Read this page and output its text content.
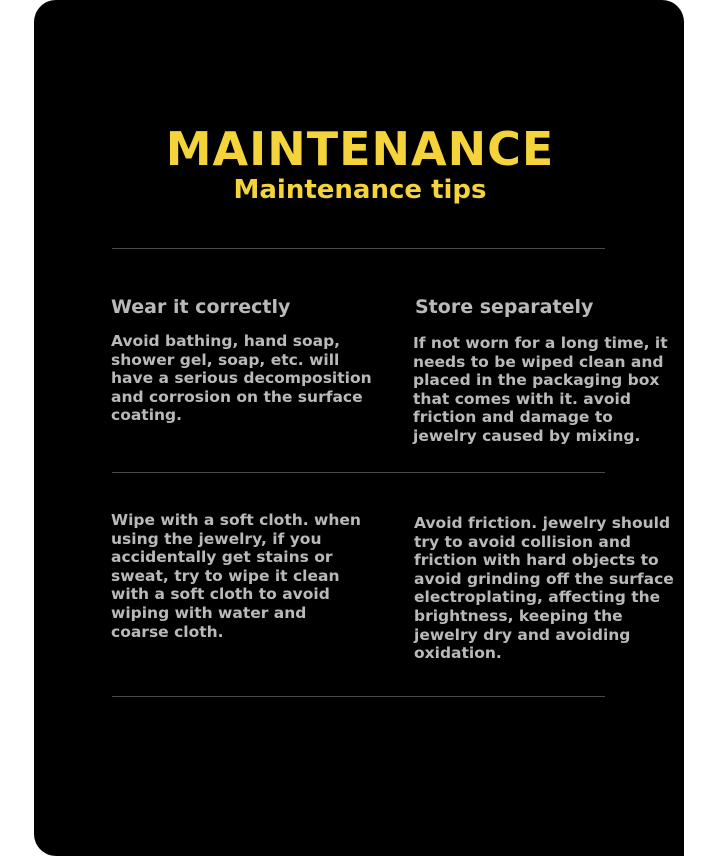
MAINTENANCE
Maintenance tips
Wear it correctly

Avoid bathing, hand soap, shower gel, soap, etc. will have a serious decomposition and corrosion on the surface coating.

Store separately

If not worn for a long time, it needs to be wiped clean and placed in the packaging box that comes with it. avoid friction and damage to jewelry caused by mixing.

Wipe with a soft cloth. when using the jewelry, if you accidentally get stains or sweat, try to wipe it clean with a soft cloth to avoid wiping with water and coarse cloth.

Avoid friction. jewelry should try to avoid collision and friction with hard objects to avoid grinding off the surface electroplating, affecting the brightness, keeping the jewelry dry and avoiding oxidation.
